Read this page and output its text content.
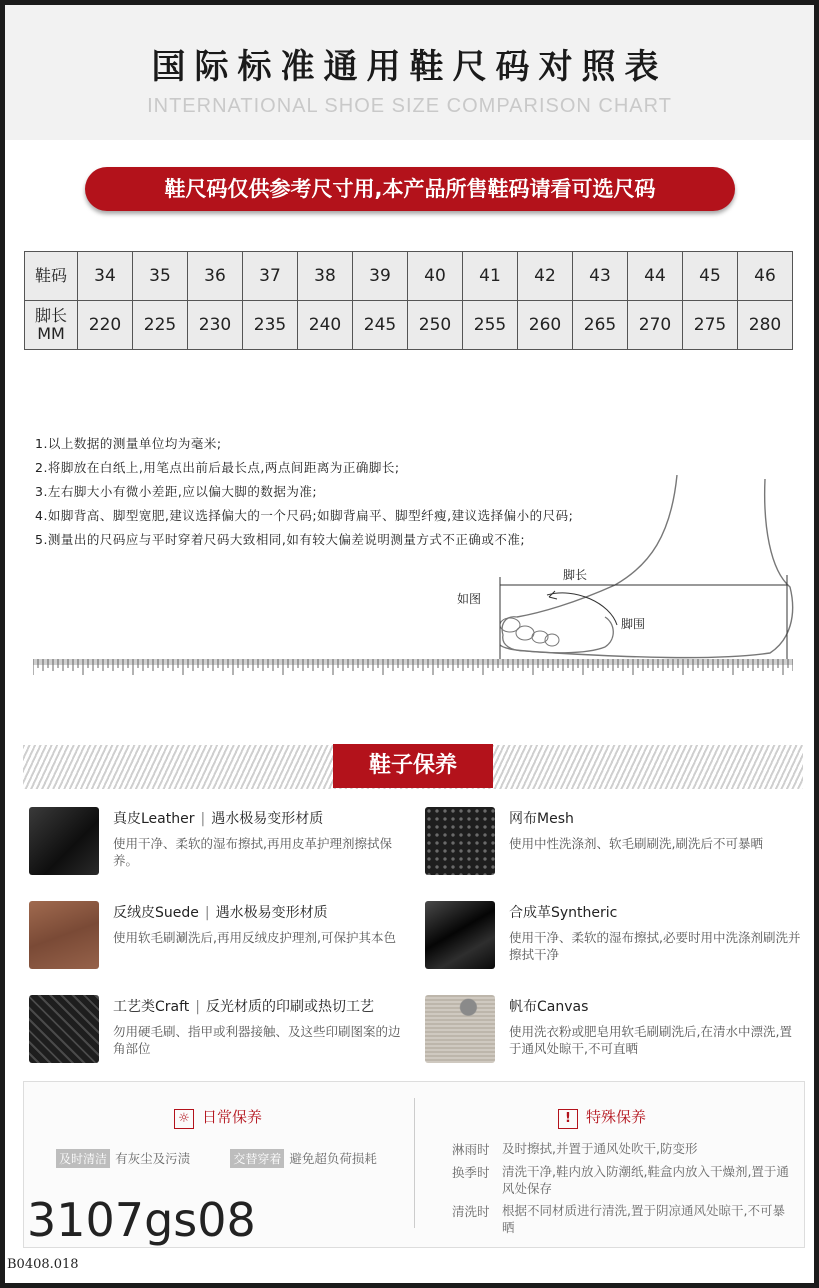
国际标准通用鞋尺码对照表
INTERNATIONAL SHOE SIZE COMPARISON CHART
鞋尺码仅供参考尺寸用,本产品所售鞋码请看可选尺码
鞋码	34	35	36	37	38	39	40	41	42	43	44	45	46
脚长
MM	220	225	230	235	240	245	250	255	260	265	270	275	280
1.以上数据的测量单位均为毫米;
2.将脚放在白纸上,用笔点出前后最长点,两点间距离为正确脚长;
3.左右脚大小有微小差距,应以偏大脚的数据为准;
4.如脚背高、脚型宽肥,建议选择偏大的一个尺码;如脚背扁平、脚型纤瘦,建议选择偏小的尺码;
5.测量出的尺码应与平时穿着尺码大致相同,如有较大偏差说明测量方式不正确或不准;
脚长
如图
脚围
鞋子保养
真皮Leather | 遇水极易变形材质
使用干净、柔软的湿布擦拭,再用皮革护理剂擦拭保养。
网布Mesh
使用中性洗涤剂、软毛刷刷洗,刷洗后不可暴晒
反绒皮Suede | 遇水极易变形材质
使用软毛刷涮洗后,再用反绒皮护理剂,可保护其本色
合成革Syntheric
使用干净、柔软的湿布擦拭,必要时用中洗涤剂刷洗并擦拭干净
工艺类Craft | 反光材质的印刷或热切工艺
勿用硬毛刷、指甲或利器接触、及这些印刷图案的边角部位
帆布Canvas
使用洗衣粉或肥皂用软毛刷刷洗后,在清水中漂洗,置于通风处晾干,不可直晒
☼ 日常保养
及时清洁 有灰尘及污渍	交替穿着 避免超负荷损耗
! 特殊保养
淋雨时 及时擦拭,并置于通风处吹干,防变形
换季时 清洗干净,鞋内放入防潮纸,鞋盒内放入干燥剂,置于通风处保存
清洗时 根据不同材质进行清洗,置于阴凉通风处晾干,不可暴晒
3107gs08
B0408.018
